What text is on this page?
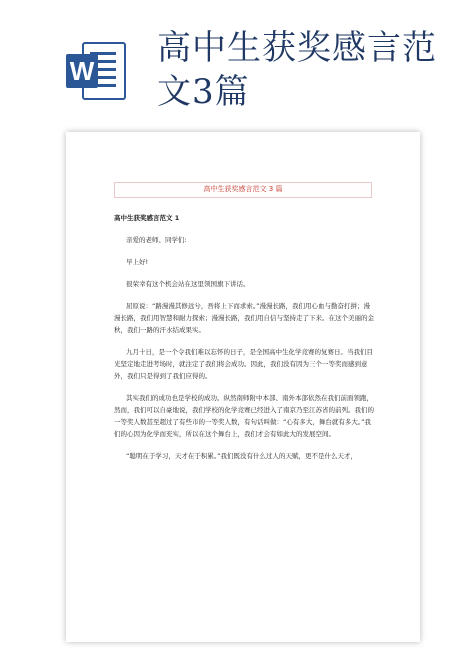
W
高中生获奖感言范
文3篇
高中生获奖感言范文 3 篇

高中生获奖感言范文 1

亲爱的老师、同学们:

早上好!

很荣幸有这个机会站在这里领国旗下讲话。

屈原说：“路漫漫其修远兮，吾将上下而求索。”漫漫长路，我们用心血与勤奋打拼；漫漫长路，我们用智慧和耐力探索；漫漫长路，我们用自信与坚持走了下来。在这个美丽的金秋，我们一路的汗水结成果实。

九月十日，是一个令我们难以忘怀的日子，是全国高中生化学竞赛的复赛日。当我们目光坚定地走进考场时，就注定了我们将会成功。因此，我们没有因为三个一等奖而感到意外，我们只是得到了我们应得的。

其实我们的成功也是学校的成功。纵然南师附中本部、南外本部依然在我们前面领跑，然而，我们可以自豪地说，我们学校的化学竞赛已经进入了南京乃至江苏省的前列。我们的一等奖人数甚至超过了有些市的一等奖人数，有句话叫做：“心有多大，舞台就有多大。”我们的心因为化学而充实，所以在这个舞台上，我们才会有如此大的发展空间。

“聪明在于学习，天才在于积累。”我们既没有什么过人的天赋，更不是什么天才，
